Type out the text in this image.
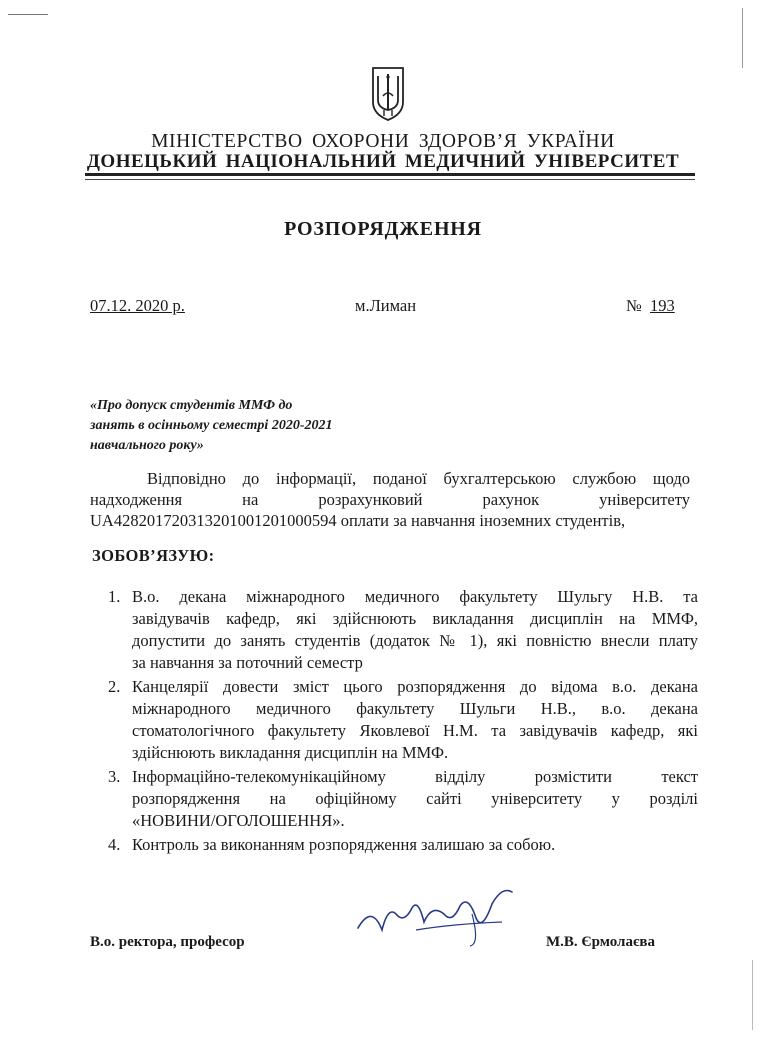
МІНІСТЕРСТВО ОХОРОНИ ЗДОРОВ’Я УКРАЇНИ
ДОНЕЦЬКИЙ НАЦІОНАЛЬНИЙ МЕДИЧНИЙ УНІВЕРСИТЕТ
РОЗПОРЯДЖЕННЯ
07.12. 2020 р.	м.Лиман	№ 193
«Про допуск студентів ММФ до
занять в осінньому семестрі 2020-2021
навчального року»
Відповідно до інформації, поданої бухгалтерською службою щодо
надходження на розрахунковий рахунок університету
UA428201720313201001201000594 оплати за навчання іноземних студентів,
ЗОБОВ’ЯЗУЮ:
1. В.о. декана міжнародного медичного факультету Шульгу Н.В. та
завідувачів кафедр, які здійснюють викладання дисциплін на ММФ,
допустити до занять студентів (додаток № 1), які повністю внесли плату
за навчання за поточний семестр
2. Канцелярії довести зміст цього розпорядження до відома в.о. декана
міжнародного медичного факультету Шульги Н.В., в.о. декана
стоматологічного факультету Яковлевої Н.М. та завідувачів кафедр, які
здійснюють викладання дисциплін на ММФ.
3. Інформаційно-телекомунікаційному відділу розмістити текст
розпорядження на офіційному сайті університету у розділі
«НОВИНИ/ОГОЛОШЕННЯ».
4. Контроль за виконанням розпорядження залишаю за собою.
В.о. ректора, професор	М.В. Єрмолаєва
